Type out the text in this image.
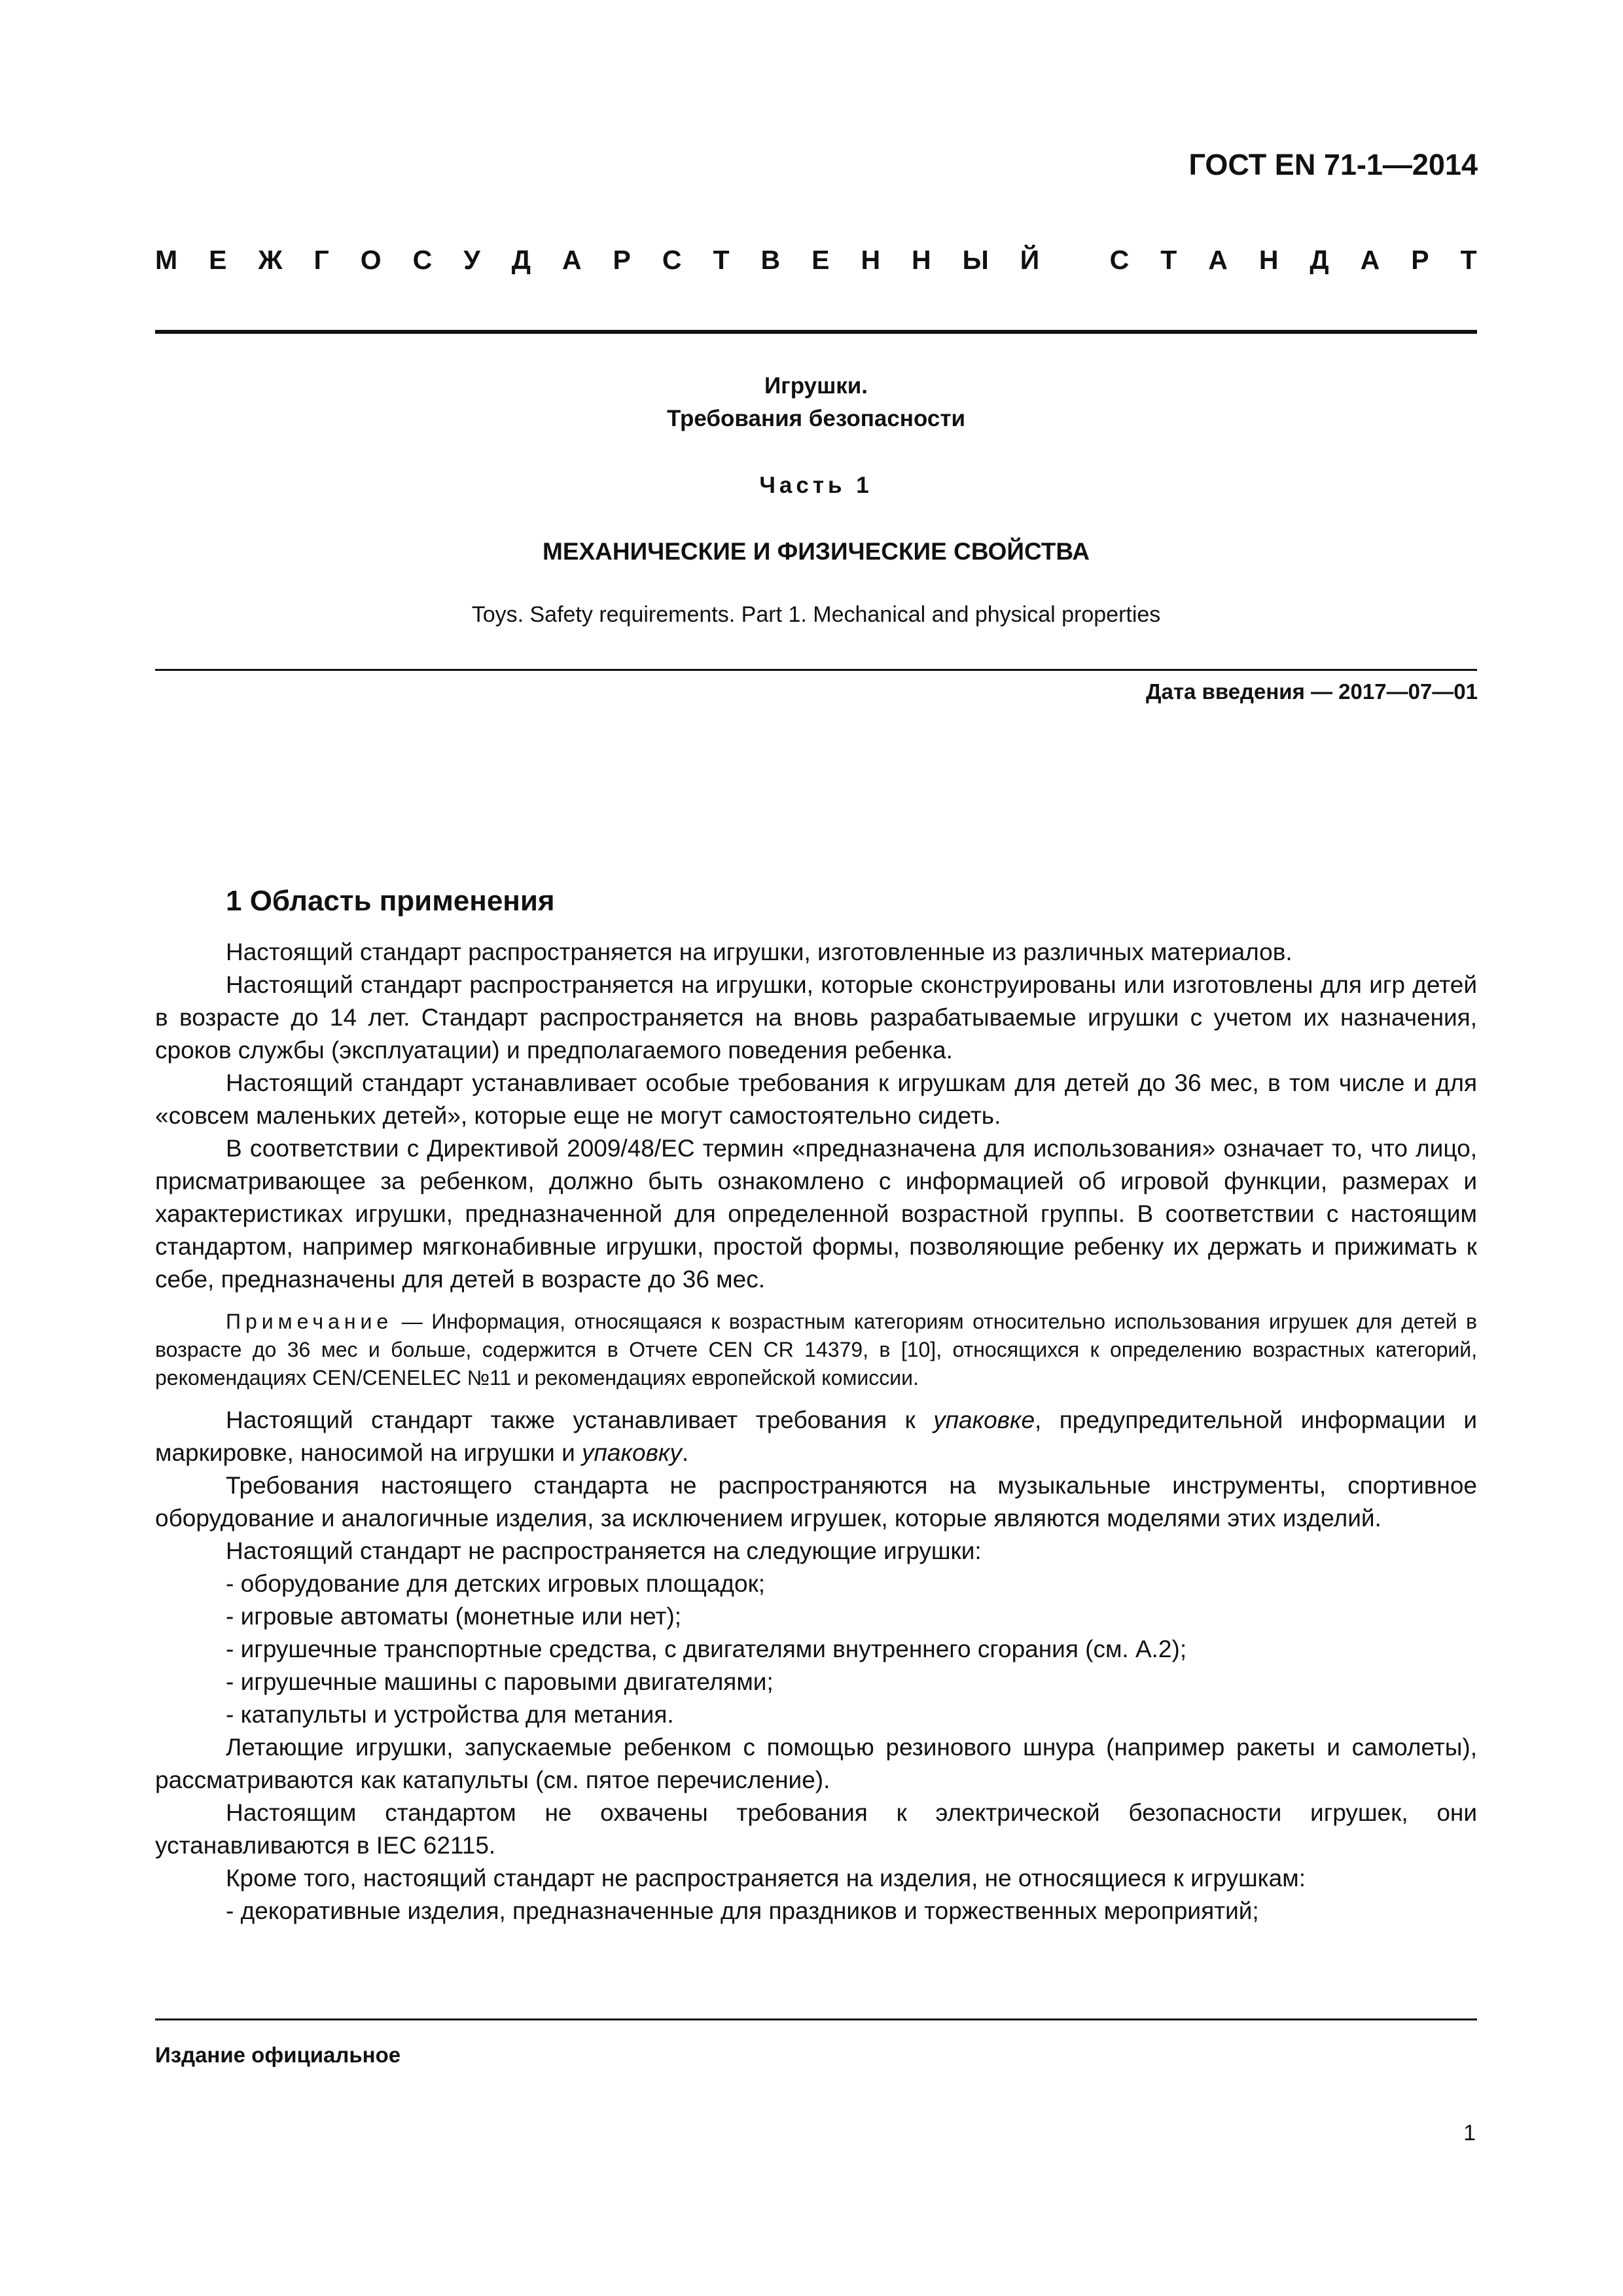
ГОСТ EN 71-1—2014
М Е Ж Г О С У Д А Р С Т В Е Н Н Ы Й
	С Т А Н Д А Р Т
Игрушки.
Требования безопасности
Часть 1
МЕХАНИЧЕСКИЕ И ФИЗИЧЕСКИЕ СВОЙСТВА
Toys. Safety requirements. Part 1. Mechanical and physical properties
Дата введения — 2017—07—01
1 Область применения

Настоящий стандарт распространяется на игрушки, изготовленные из различных материалов.

Настоящий стандарт распространяется на игрушки, которые сконструированы или изготовлены для игр детей в возрасте до 14 лет. Стандарт распространяется на вновь разрабатываемые игрушки с учетом их назначения, сроков службы (эксплуатации) и предполагаемого поведения ребенка.

Настоящий стандарт устанавливает особые требования к игрушкам для детей до 36 мес, в том числе и для «совсем маленьких детей», которые еще не могут самостоятельно сидеть.

В соответствии с Директивой 2009/48/ЕС термин «предназначена для использования» означает то, что лицо, присматривающее за ребенком, должно быть ознакомлено с информацией об игровой функции, размерах и характеристиках игрушки, предназначенной для определенной возрастной группы. В соответствии с настоящим стандартом, например мягконабивные игрушки, простой формы, позволяющие ребенку их держать и прижимать к себе, предназначены для детей в возрасте до 36 мес.

Примечание — Информация, относящаяся к возрастным категориям относительно использования игрушек для детей в возрасте до 36 мес и больше, содержится в Отчете CEN CR 14379, в [10], относящихся к определению возрастных категорий, рекомендациях CEN/CENELEC №11 и рекомендациях европейской комиссии.

Настоящий стандарт также устанавливает требования к упаковке, предупредительной информации и маркировке, наносимой на игрушки и упаковку.

Требования настоящего стандарта не распространяются на музыкальные инструменты, спортивное оборудование и аналогичные изделия, за исключением игрушек, которые являются моделями этих изделий.

Настоящий стандарт не распространяется на следующие игрушки:

- оборудование для детских игровых площадок;

- игровые автоматы (монетные или нет);

- игрушечные транспортные средства, с двигателями внутреннего сгорания (см. А.2);

- игрушечные машины с паровыми двигателями;

- катапульты и устройства для метания.

Летающие игрушки, запускаемые ребенком с помощью резинового шнура (например ракеты и самолеты), рассматриваются как катапульты (см. пятое перечисление).

Настоящим стандартом не охвачены требования к электрической безопасности игрушек, они устанавливаются в IEC 62115.

Кроме того, настоящий стандарт не распространяется на изделия, не относящиеся к игрушкам:

- декоративные изделия, предназначенные для праздников и торжественных мероприятий;

Издание официальное
1
